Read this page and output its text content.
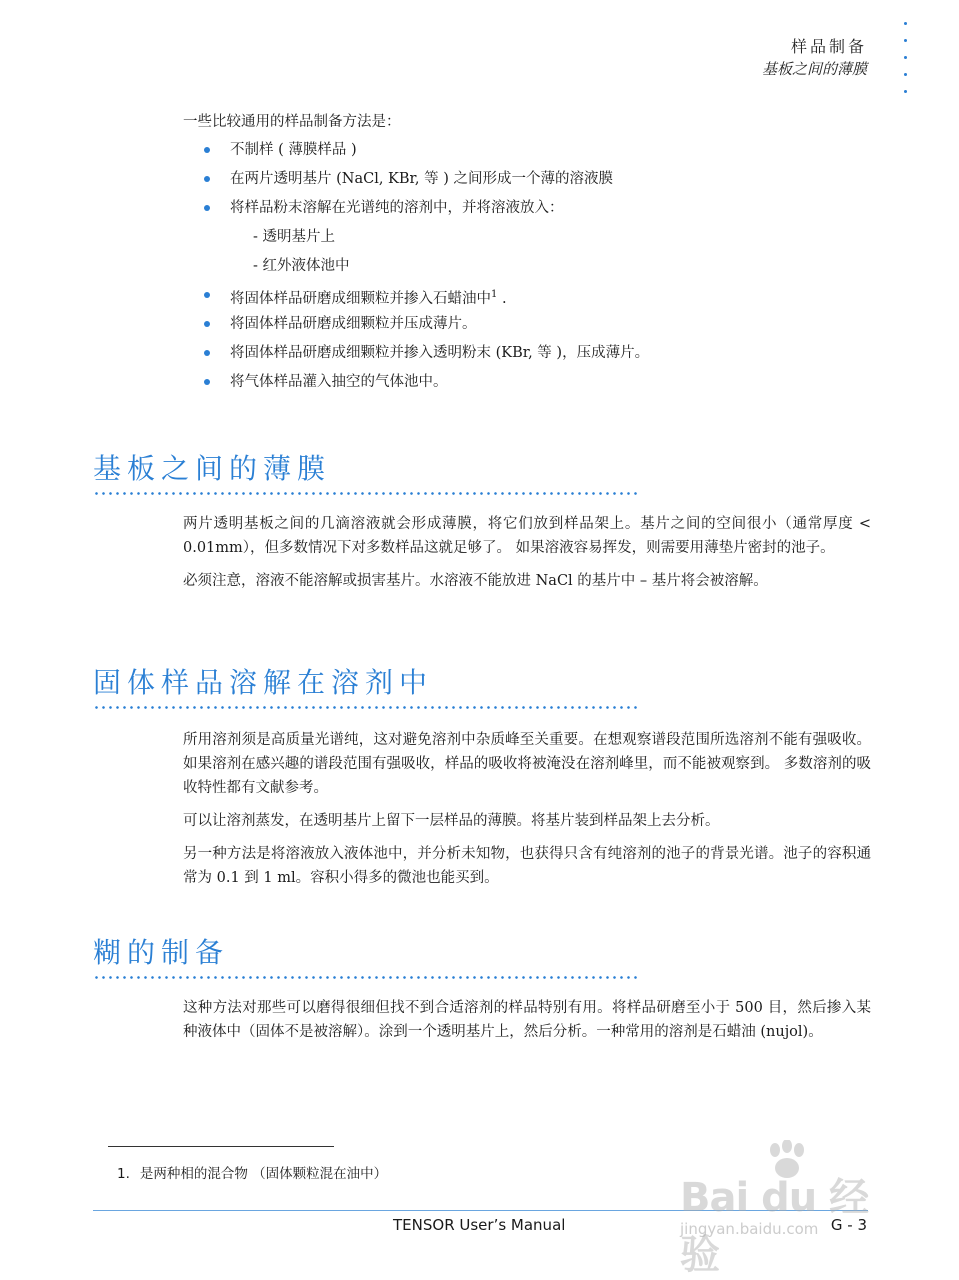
样品制备
基板之间的薄膜
一些比较通用的样品制备方法是：
不制样 ( 薄膜样品 )
在两片透明基片 (NaCl, KBr, 等 ) 之间形成一个薄的溶液膜
将样品粉末溶解在光谱纯的溶剂中，并将溶液放入：
- 透明基片上
- 红外液体池中
将固体样品研磨成细颗粒并掺入石蜡油中$^1$ .
将固体样品研磨成细颗粒并压成薄片。
将固体样品研磨成细颗粒并掺入透明粉末 (KBr, 等 )，压成薄片。
将气体样品灌入抽空的气体池中。
基板之间的薄膜

两片透明基板之间的几滴溶液就会形成薄膜，将它们放到样品架上。基片之间的空间很小（通常厚度 < 0.01mm），但多数情况下对多数样品这就足够了。 如果溶液容易挥发，则需要用薄垫片密封的池子。

必须注意，溶液不能溶解或损害基片。水溶液不能放进 NaCl 的基片中 – 基片将会被溶解。

固体样品溶解在溶剂中

所用溶剂须是高质量光谱纯，这对避免溶剂中杂质峰至关重要。在想观察谱段范围所选溶剂不能有强吸收。如果溶剂在感兴趣的谱段范围有强吸收，样品的吸收将被淹没在溶剂峰里，而不能被观察到。 多数溶剂的吸收特性都有文献参考。

可以让溶剂蒸发，在透明基片上留下一层样品的薄膜。将基片装到样品架上去分析。

另一种方法是将溶液放入液体池中，并分析未知物，也获得只含有纯溶剂的池子的背景光谱。池子的容积通常为 0.1 到 1 ml。容积小得多的微池也能买到。

糊的制备

这种方法对那些可以磨得很细但找不到合适溶剂的样品特别有用。将样品研磨至小于 500 目，然后掺入某种液体中（固体不是被溶解）。涂到一个透明基片上，然后分析。一种常用的溶剂是石蜡油 (nujol)。

1. 是两种相的混合物 （固体颗粒混在油中）
TENSOR User’s Manual	G - 3
Bai du 经验
jingyan.baidu.com
